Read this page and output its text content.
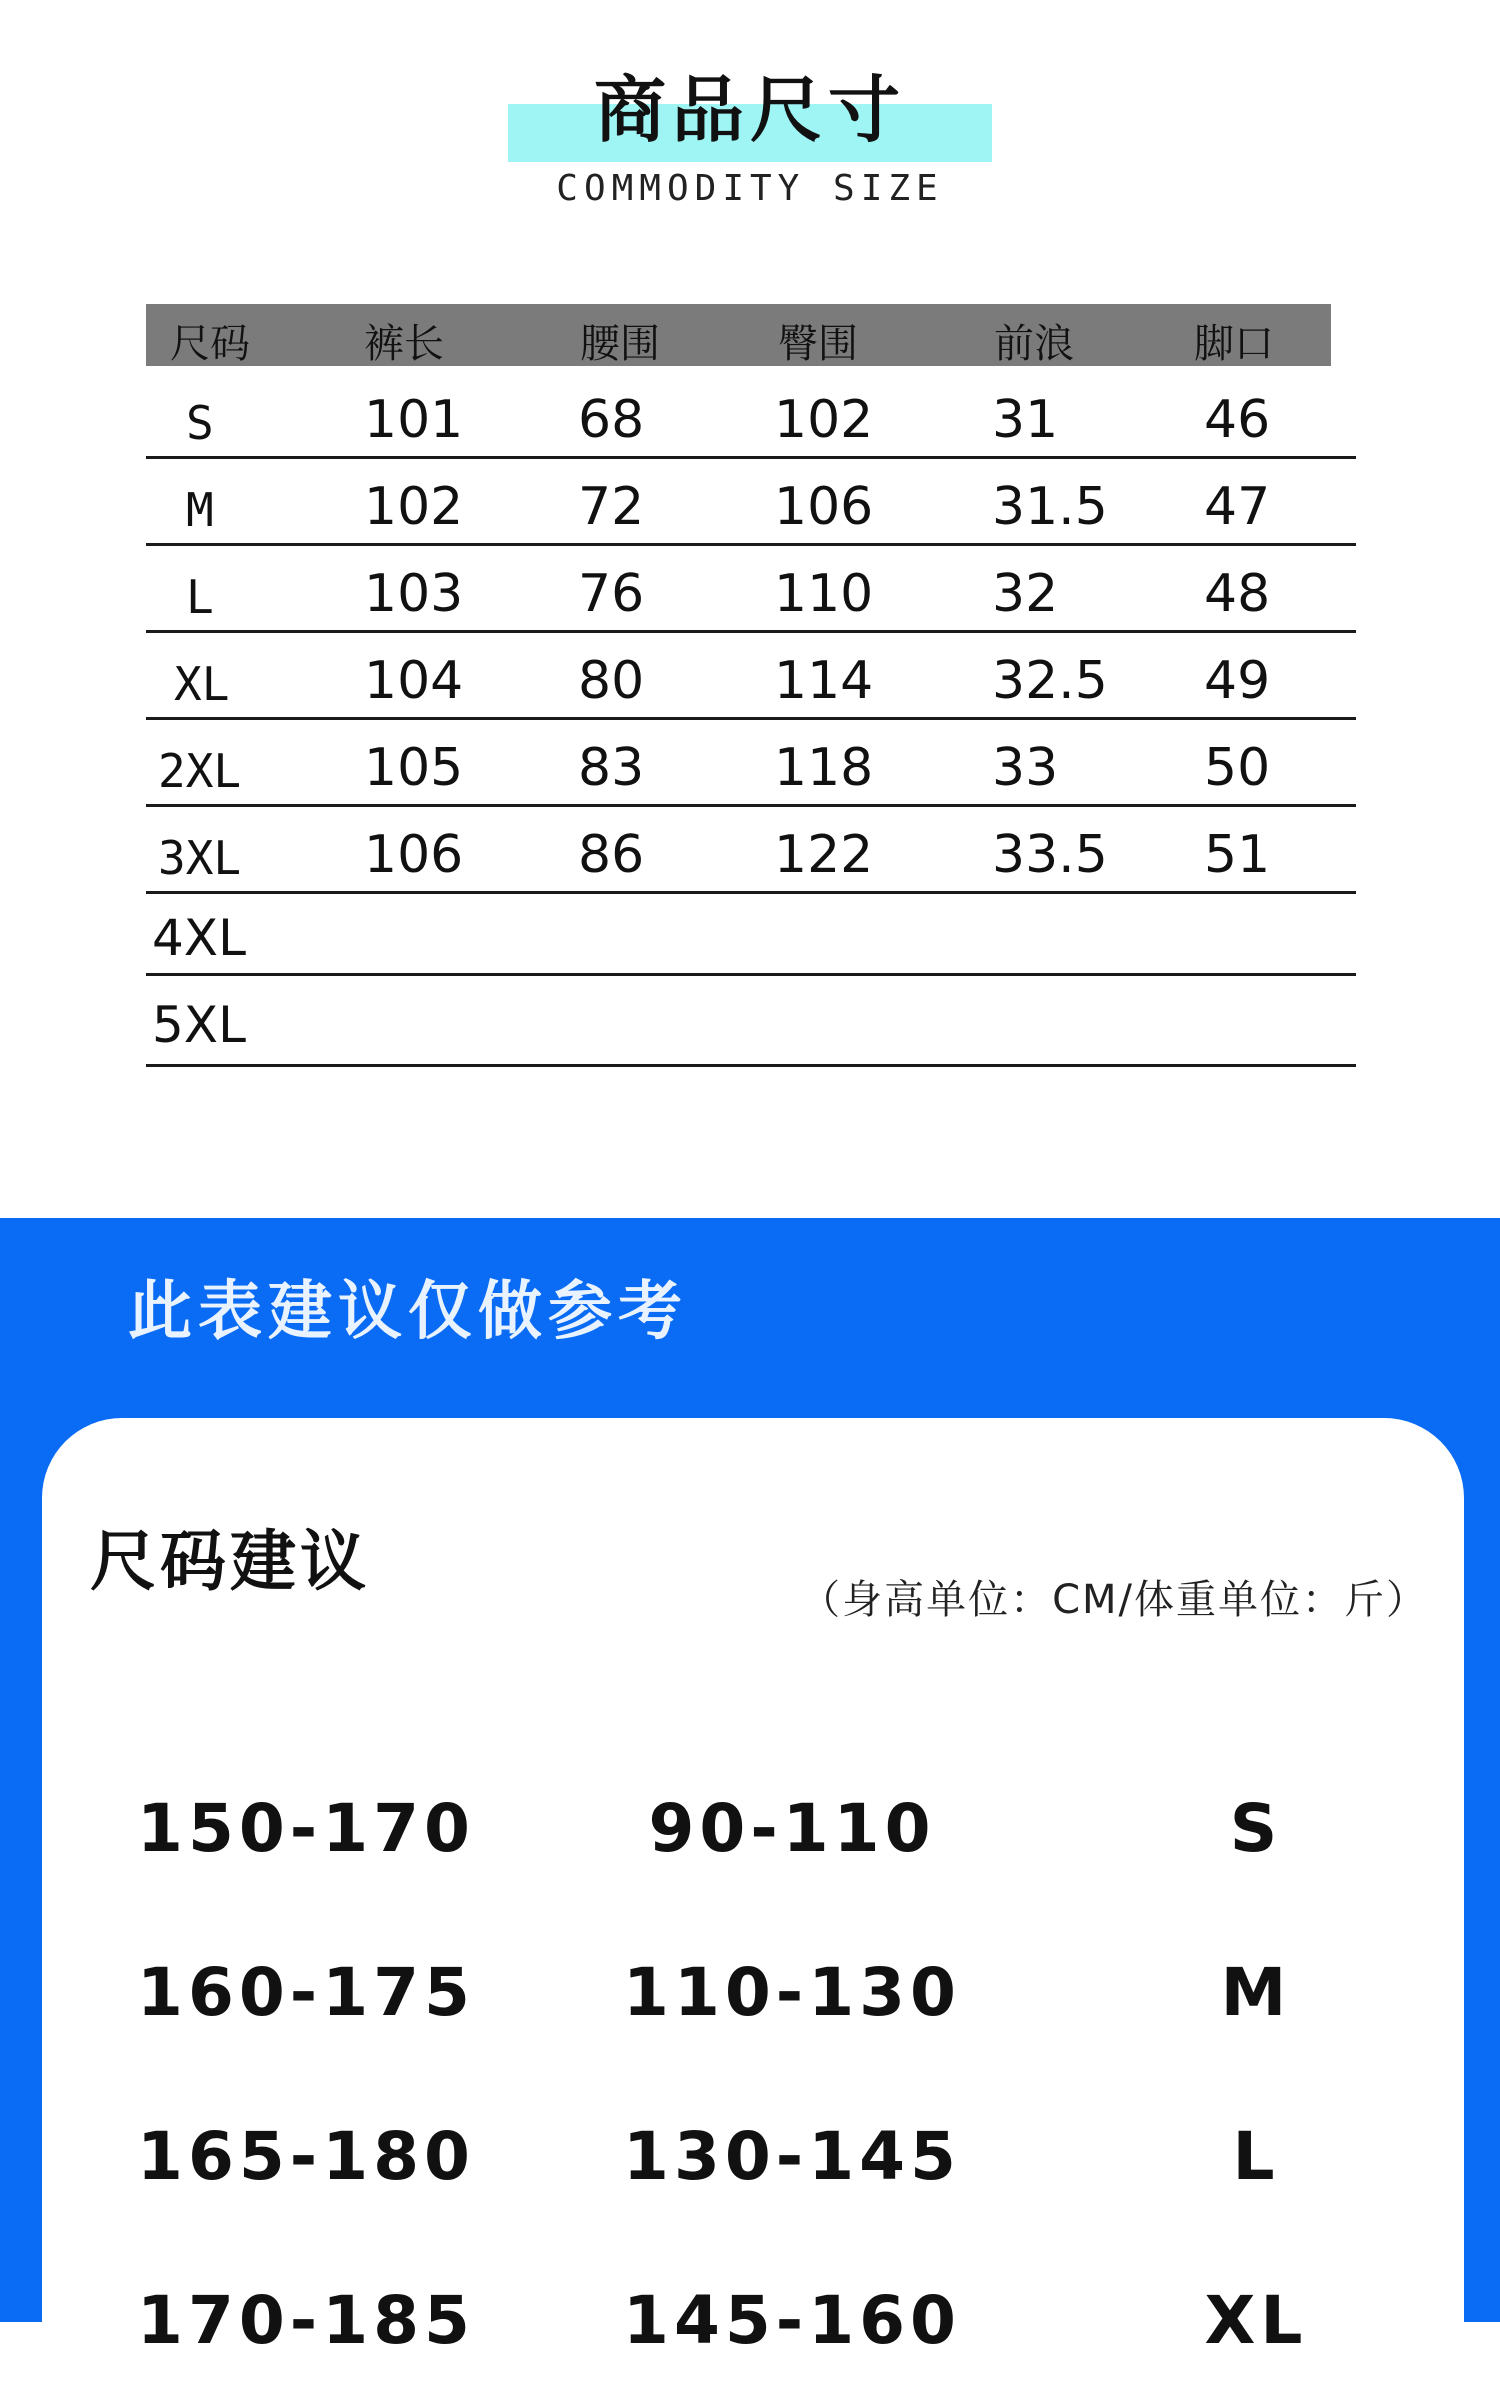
商品尺寸
COMMODITY SIZE
尺码	裤长	腰围	臀围	前浪	脚口
S	101 68 102 31	46
M	102 72 106 31.5 47
L	103 76 110 32	48
XL	104 80 114 32.5 49
2XL 105 83 118 33	50
3XL 106 86 122 33.5 51
4XL
5XL
此表建议仅做参考
尺码建议	（身高单位：CM/体重单位：斤）
身高	体重	建议尺
150-170	90-110	S
160-175 110-130	M
165-180 130-145	L
170-185 145-160	XL
